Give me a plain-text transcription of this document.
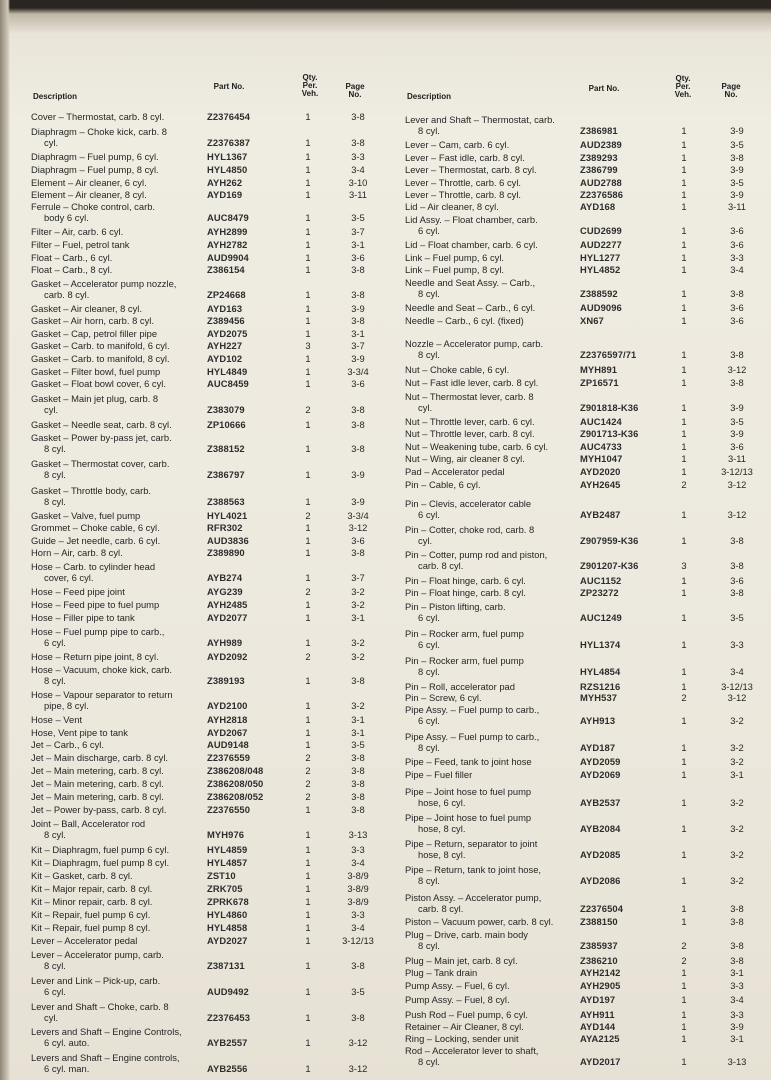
Description
Part No.
Qty. Per. Veh.
Page No.
Cover – Thermostat, carb. 8 cyl.	Z2376454	1	3-8
Diaphragm – Choke kick, carb. 8
cyl.	Z2376387	1	3-8
Diaphragm – Fuel pump, 6 cyl.	HYL1367	1	3-3
Diaphragm – Fuel pump, 8 cyl.	HYL4850	1	3-4
Element – Air cleaner, 6 cyl.	AYH262	1	3-10
Element – Air cleaner, 8 cyl.	AYD169	1	3-11
Ferrule – Choke control, carb.
body 6 cyl.	AUC8479	1	3-5
Filter – Air, carb. 6 cyl.	AYH2899	1	3-7
Filter – Fuel, petrol tank	AYH2782	1	3-1
Float – Carb., 6 cyl.	AUD9904	1	3-6
Float – Carb., 8 cyl.	Z386154	1	3-8
Gasket – Accelerator pump nozzle,
carb. 8 cyl.	ZP24668	1	3-8
Gasket – Air cleaner, 8 cyl.	AYD163	1	3-9
Gasket – Air horn, carb. 8 cyl.	Z389456	1	3-8
Gasket – Cap, petrol filler pipe	AYD2075	1	3-1
Gasket – Carb. to manifold, 6 cyl.	AYH227	3	3-7
Gasket – Carb. to manifold, 8 cyl.	AYD102	1	3-9
Gasket – Filter bowl, fuel pump	HYL4849	1	3-3/4
Gasket – Float bowl cover, 6 cyl.	AUC8459	1	3-6
Gasket – Main jet plug, carb. 8
cyl.	Z383079	2	3-8
Gasket – Needle seat, carb. 8 cyl.	ZP10666	1	3-8
Gasket – Power by-pass jet, carb.
8 cyl.	Z388152	1	3-8
Gasket – Thermostat cover, carb.
8 cyl.	Z386797	1	3-9
Gasket – Throttle body, carb.
8 cyl.	Z388563	1	3-9
Gasket – Valve, fuel pump	HYL4021	2	3-3/4
Grommet – Choke cable, 6 cyl.	RFR302	1	3-12
Guide – Jet needle, carb. 6 cyl.	AUD3836	1	3-6
Horn – Air, carb. 8 cyl.	Z389890	1	3-8
Hose – Carb. to cylinder head
cover, 6 cyl.	AYB274	1	3-7
Hose – Feed pipe joint	AYG239	2	3-2
Hose – Feed pipe to fuel pump	AYH2485	1	3-2
Hose – Filler pipe to tank	AYD2077	1	3-1
Hose – Fuel pump pipe to carb.,
6 cyl.	AYH989	1	3-2
Hose – Return pipe joint, 8 cyl.	AYD2092	2	3-2
Hose – Vacuum, choke kick, carb.
8 cyl.	Z389193	1	3-8
Hose – Vapour separator to return
pipe, 8 cyl.	AYD2100	1	3-2
Hose – Vent	AYH2818	1	3-1
Hose, Vent pipe to tank	AYD2067	1	3-1
Jet – Carb., 6 cyl.	AUD9148	1	3-5
Jet – Main discharge, carb. 8 cyl.	Z2376559	2	3-8
Jet – Main metering, carb. 8 cyl.	Z386208/048	2	3-8
Jet – Main metering, carb. 8 cyl.	Z386208/050	2	3-8
Jet – Main metering, carb. 8 cyl.	Z386208/052	2	3-8
Jet – Power by-pass, carb. 8 cyl.	Z2376550	1	3-8
Joint – Ball, Accelerator rod
8 cyl.	MYH976	1	3-13
Kit – Diaphragm, fuel pump 6 cyl.	HYL4859	1	3-3
Kit – Diaphragm, fuel pump 8 cyl.	HYL4857	1	3-4
Kit – Gasket, carb. 8 cyl.	ZST10	1	3-8/9
Kit – Major repair, carb. 8 cyl.	ZRK705	1	3-8/9
Kit – Minor repair, carb. 8 cyl.	ZPRK678	1	3-8/9
Kit – Repair, fuel pump 6 cyl.	HYL4860	1	3-3
Kit – Repair, fuel pump 8 cyl.	HYL4858	1	3-4
Lever – Accelerator pedal	AYD2027	1	3-12/13
Lever – Accelerator pump, carb.
8 cyl.	Z387131	1	3-8
Lever and Link – Pick-up, carb.
6 cyl.	AUD9492	1	3-5
Lever and Shaft – Choke, carb. 8
cyl.	Z2376453	1	3-8
Levers and Shaft – Engine Controls,
6 cyl. auto.	AYB2557	1	3-12
Levers and Shaft – Engine controls,
6 cyl. man.	AYB2556	1	3-12
Description
Part No.
Qty. Per. Veh.
Page No.
Lever and Shaft – Thermostat, carb.
8 cyl.	Z386981	1	3-9
Lever – Cam, carb. 6 cyl.	AUD2389	1	3-5
Lever – Fast idle, carb. 8 cyl.	Z389293	1	3-8
Lever – Thermostat, carb. 8 cyl.	Z386799	1	3-9
Lever – Throttle, carb. 6 cyl.	AUD2788	1	3-5
Lever – Throttle, carb. 8 cyl.	Z2376586	1	3-9
Lid – Air cleaner, 8 cyl.	AYD168	1	3-11
Lid Assy. – Float chamber, carb.
6 cyl.	CUD2699	1	3-6
Lid – Float chamber, carb. 6 cyl.	AUD2277	1	3-6
Link – Fuel pump, 6 cyl.	HYL1277	1	3-3
Link – Fuel pump, 8 cyl.	HYL4852	1	3-4
Needle and Seat Assy. – Carb.,
8 cyl.	Z388592	1	3-8
Needle and Seat – Carb., 6 cyl.	AUD9096	1	3-6
Needle – Carb., 6 cyl. (fixed)	XN67	1	3-6
Nozzle – Accelerator pump, carb.
8 cyl.	Z2376597/71	1	3-8
Nut – Choke cable, 6 cyl.	MYH891	1	3-12
Nut – Fast idle lever, carb. 8 cyl.	ZP16571	1	3-8
Nut – Thermostat lever, carb. 8
cyl.	Z901818-K36	1	3-9
Nut – Throttle lever, carb. 6 cyl.	AUC1424	1	3-5
Nut – Throttle lever, carb. 8 cyl.	Z901713-K36	1	3-9
Nut – Weakening tube, carb. 6 cyl.	AUC4733	1	3-6
Nut – Wing, air cleaner 8 cyl.	MYH1047	1	3-11
Pad – Accelerator pedal	AYD2020	1	3-12/13
Pin – Cable, 6 cyl.	AYH2645	2	3-12
Pin – Clevis, accelerator cable
6 cyl.	AYB2487	1	3-12
Pin – Cotter, choke rod, carb. 8
cyl.	Z907959-K36	1	3-8
Pin – Cotter, pump rod and piston,
carb. 8 cyl.	Z901207-K36	3	3-8
Pin – Float hinge, carb. 6 cyl.	AUC1152	1	3-6
Pin – Float hinge, carb. 8 cyl.	ZP23272	1	3-8
Pin – Piston lifting, carb.
6 cyl.	AUC1249	1	3-5
Pin – Rocker arm, fuel pump
6 cyl.	HYL1374	1	3-3
Pin – Rocker arm, fuel pump
8 cyl.	HYL4854	1	3-4
Pin – Roll, accelerator pad	RZS1216	1	3-12/13
Pin – Screw, 6 cyl.	MYH537	2	3-12
Pipe Assy. – Fuel pump to carb.,
6 cyl.	AYH913	1	3-2
Pipe Assy. – Fuel pump to carb.,
8 cyl.	AYD187	1	3-2
Pipe – Feed, tank to joint hose	AYD2059	1	3-2
Pipe – Fuel filler	AYD2069	1	3-1
Pipe – Joint hose to fuel pump
hose, 6 cyl.	AYB2537	1	3-2
Pipe – Joint hose to fuel pump
hose, 8 cyl.	AYB2084	1	3-2
Pipe – Return, separator to joint
hose, 8 cyl.	AYD2085	1	3-2
Pipe – Return, tank to joint hose,
8 cyl.	AYD2086	1	3-2
Piston Assy. – Accelerator pump,
carb. 8 cyl.	Z2376504	1	3-8
Piston – Vacuum power, carb. 8 cyl.	Z388150	1	3-8
Plug – Drive, carb. main body
8 cyl.	Z385937	2	3-8
Plug – Main jet, carb. 8 cyl.	Z386210	2	3-8
Plug – Tank drain	AYH2142	1	3-1
Pump Assy. – Fuel, 6 cyl.	AYH2905	1	3-3
Pump Assy. – Fuel, 8 cyl.	AYD197	1	3-4
Push Rod – Fuel pump, 6 cyl.	AYH911	1	3-3
Retainer – Air Cleaner, 8 cyl.	AYD144	1	3-9
Ring – Locking, sender unit	AYA2125	1	3-1
Rod – Accelerator lever to shaft,
8 cyl.	AYD2017	1	3-13
